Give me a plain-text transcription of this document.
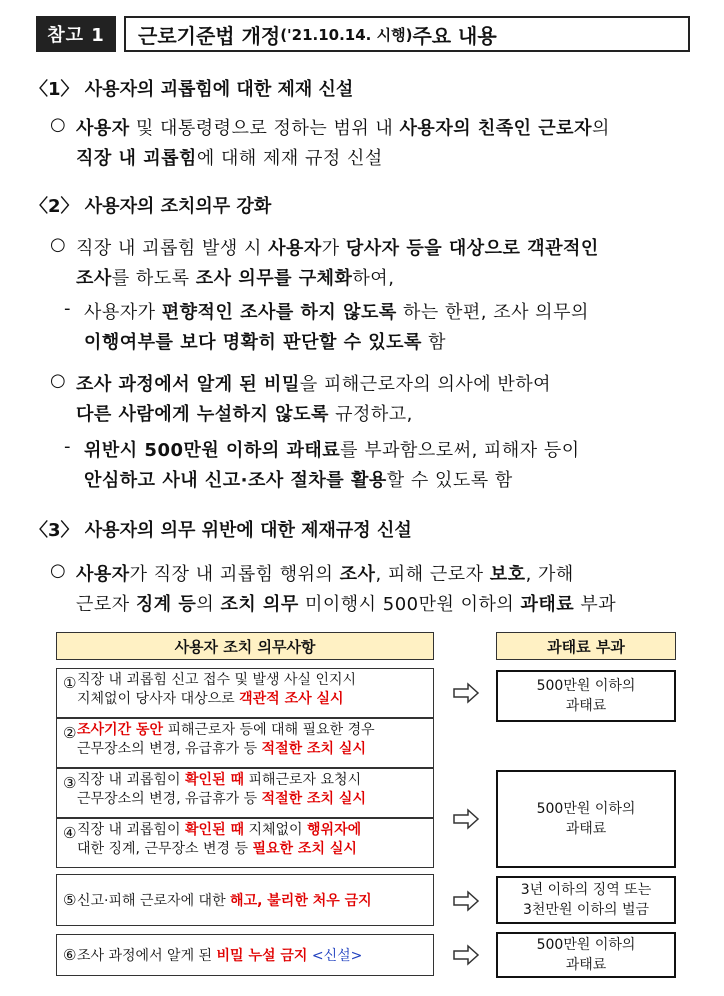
참고 1	근로기준법 개정 ('21.10.14. 시행) 주요 내용
〈1〉 사용자의 괴롭힘에 대한 제재 신설
○ 사용자 및 대통령령으로 정하는 범위 내 사용자의 친족인 근로자의
직장 내 괴롭힘에 대해 제재 규정 신설
〈2〉 사용자의 조치의무 강화
○ 직장 내 괴롭힘 발생 시 사용자가 당사자 등을 대상으로 객관적인
조사를 하도록 조사 의무를 구체화하여,
- 사용자가 편향적인 조사를 하지 않도록 하는 한편, 조사 의무의
이행여부를 보다 명확히 판단할 수 있도록 함
○ 조사 과정에서 알게 된 비밀을 피해근로자의 의사에 반하여
다른 사람에게 누설하지 않도록 규정하고,
- 위반시 500만원 이하의 과태료를 부과함으로써, 피해자 등이
안심하고 사내 신고·조사 절차를 활용할 수 있도록 함
〈3〉 사용자의 의무 위반에 대한 제재규정 신설
○ 사용자가 직장 내 괴롭힘 행위의 조사, 피해 근로자 보호, 가해
근로자 징계 등의 조치 의무 미이행시 500만원 이하의 과태료 부과
사용자 조치 의무사항	과태료 부과
① 직장 내 괴롭힘 신고 접수 및 발생 사실 인지시
지체없이 당사자 대상으로 객관적 조사 실시
② 조사기간 동안 피해근로자 등에 대해 필요한 경우
근무장소의 변경, 유급휴가 등 적절한 조치 실시
③ 직장 내 괴롭힘이 확인된 때 피해근로자 요청시
근무장소의 변경, 유급휴가 등 적절한 조치 실시
④ 직장 내 괴롭힘이 확인된 때 지체없이 행위자에
대한 징계, 근무장소 변경 등 필요한 조치 실시
⑤ 신고·피해 근로자에 대한 해고, 불리한 처우 금지
⑥ 조사 과정에서 알게 된 비밀 누설 금지 <신설>
500만원 이하의
과태료
500만원 이하의
과태료
3년 이하의 징역 또는
3천만원 이하의 벌금
500만원 이하의
과태료
